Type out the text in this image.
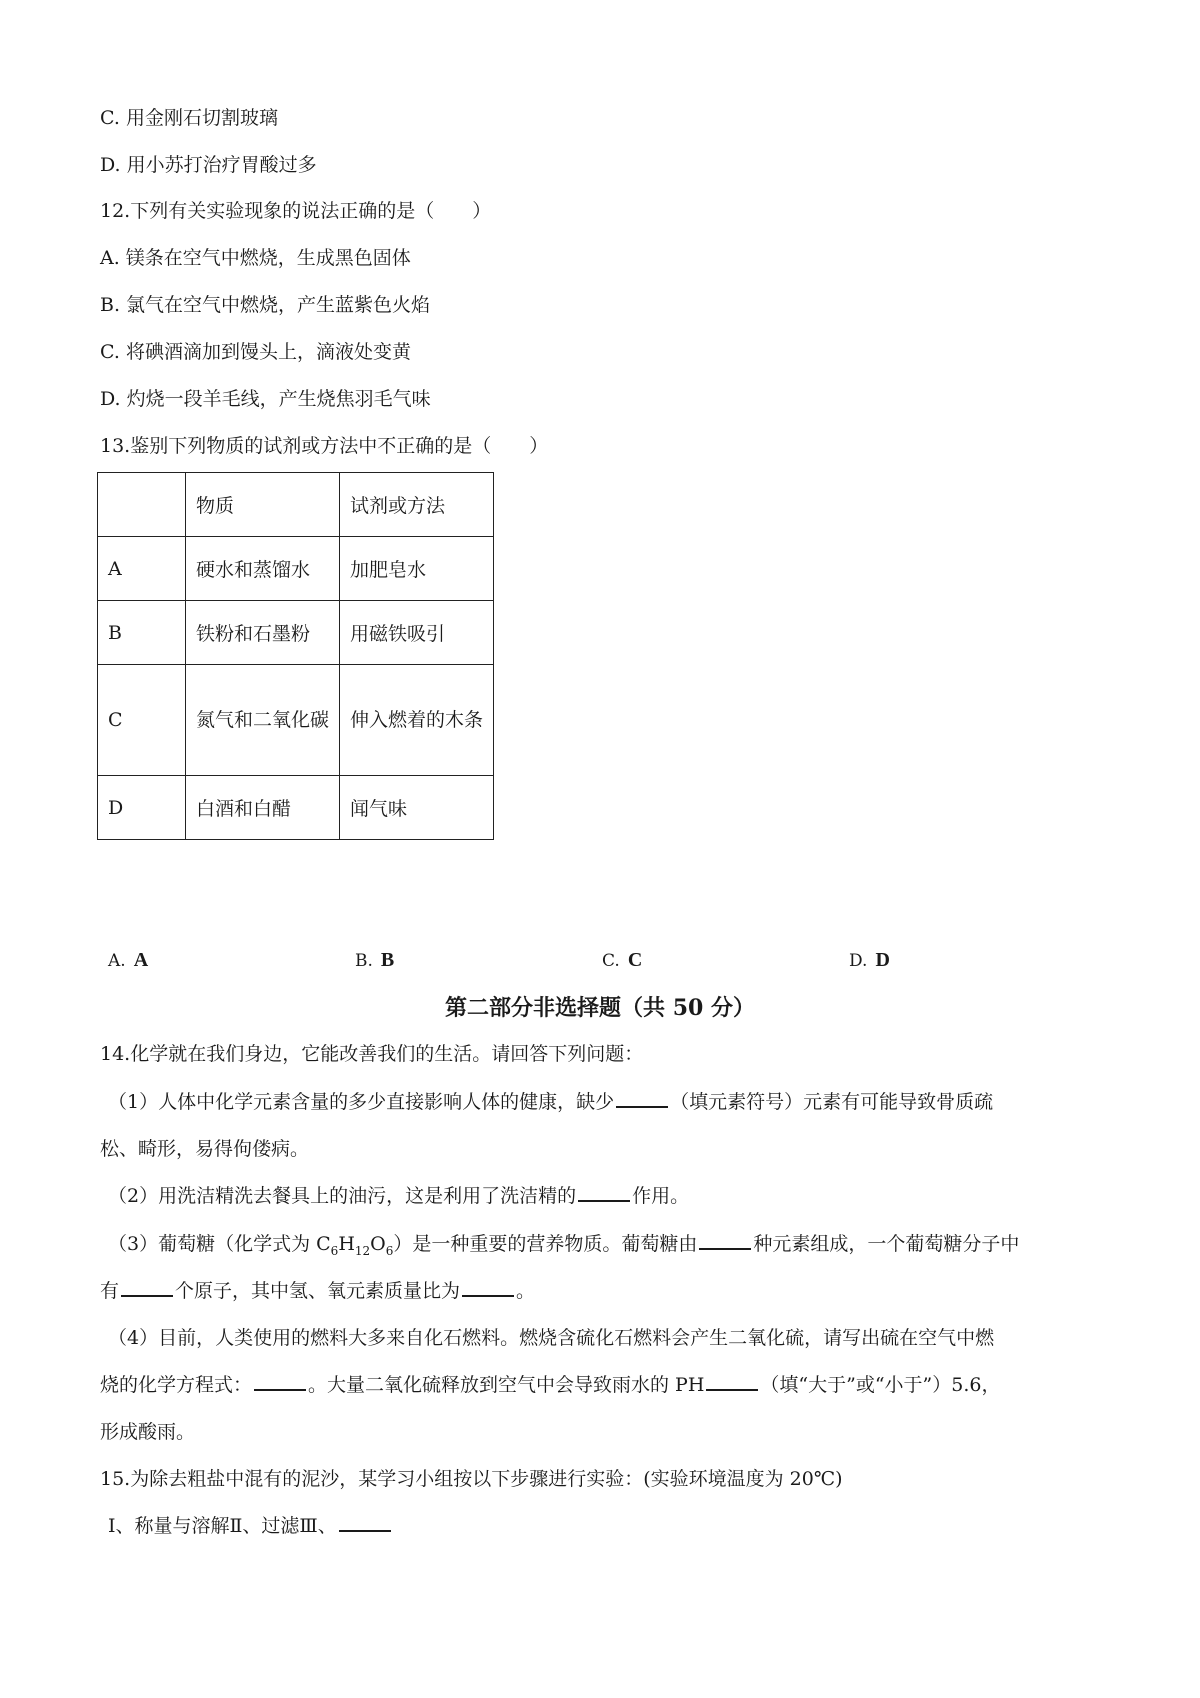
C. 用金刚石切割玻璃
D. 用小苏打治疗胃酸过多
12.下列有关实验现象的说法正确的是（　　）
A. 镁条在空气中燃烧，生成黑色固体
B. 氯气在空气中燃烧，产生蓝紫色火焰
C. 将碘酒滴加到馒头上，滴液处变黄
D. 灼烧一段羊毛线，产生烧焦羽毛气味
13.鉴别下列物质的试剂或方法中不正确的是（　　）
	物质	试剂或方法
A	硬水和蒸馏水	加肥皂水
B	铁粉和石墨粉	用磁铁吸引
C	氮气和二氧化碳	伸入燃着的木条
D	白酒和白醋	闻气味
A. A	B. B	C. C	D. D
第二部分非选择题（共 50 分）
14.化学就在我们身边，它能改善我们的生活。请回答下列问题：
（1）人体中化学元素含量的多少直接影响人体的健康，缺少	（填元素符号）元素有可能导致骨质疏
松、畸形，易得佝偻病。
（2）用洗洁精洗去餐具上的油污，这是利用了洗洁精的	作用。
（3）葡萄糖（化学式为 $C_6H_{12}O_6$）是一种重要的营养物质。葡萄糖由	种元素组成，一个葡萄糖分子中
有	个原子，其中氢、氧元素质量比为	。
（4）目前，人类使用的燃料大多来自化石燃料。燃烧含硫化石燃料会产生二氧化硫，请写出硫在空气中燃
烧的化学方程式：	。大量二氧化硫释放到空气中会导致雨水的 PH	（填“大于”或“小于”）5.6，
形成酸雨。
15.为除去粗盐中混有的泥沙，某学习小组按以下步骤进行实验：(实验环境温度为 20℃)
Ⅰ、称量与溶解Ⅱ、过滤Ⅲ、
